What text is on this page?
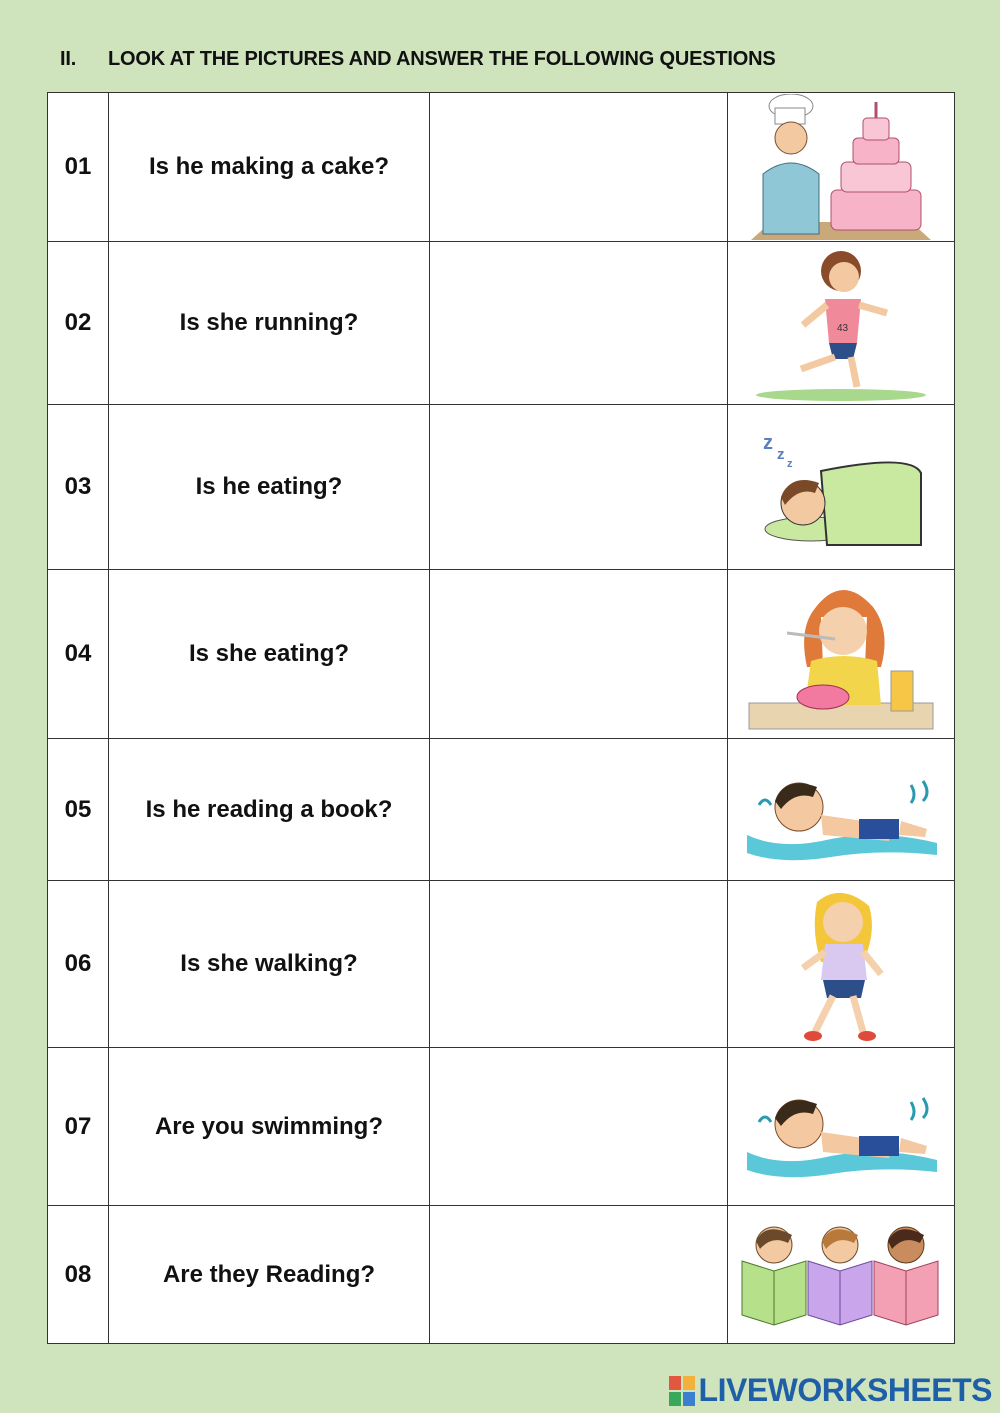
II. LOOK AT THE PICTURES AND ANSWER THE FOLLOWING QUESTIONS
01	Is he making a cake?		

02	Is she running?		43

03	Is he eating?		z
z
z

04	Is she eating?		

05	Is he reading a book?		

06	Is she walking?		

07	Are you swimming?		

08	Are they Reading?		
LIVEWORKSHEETS
